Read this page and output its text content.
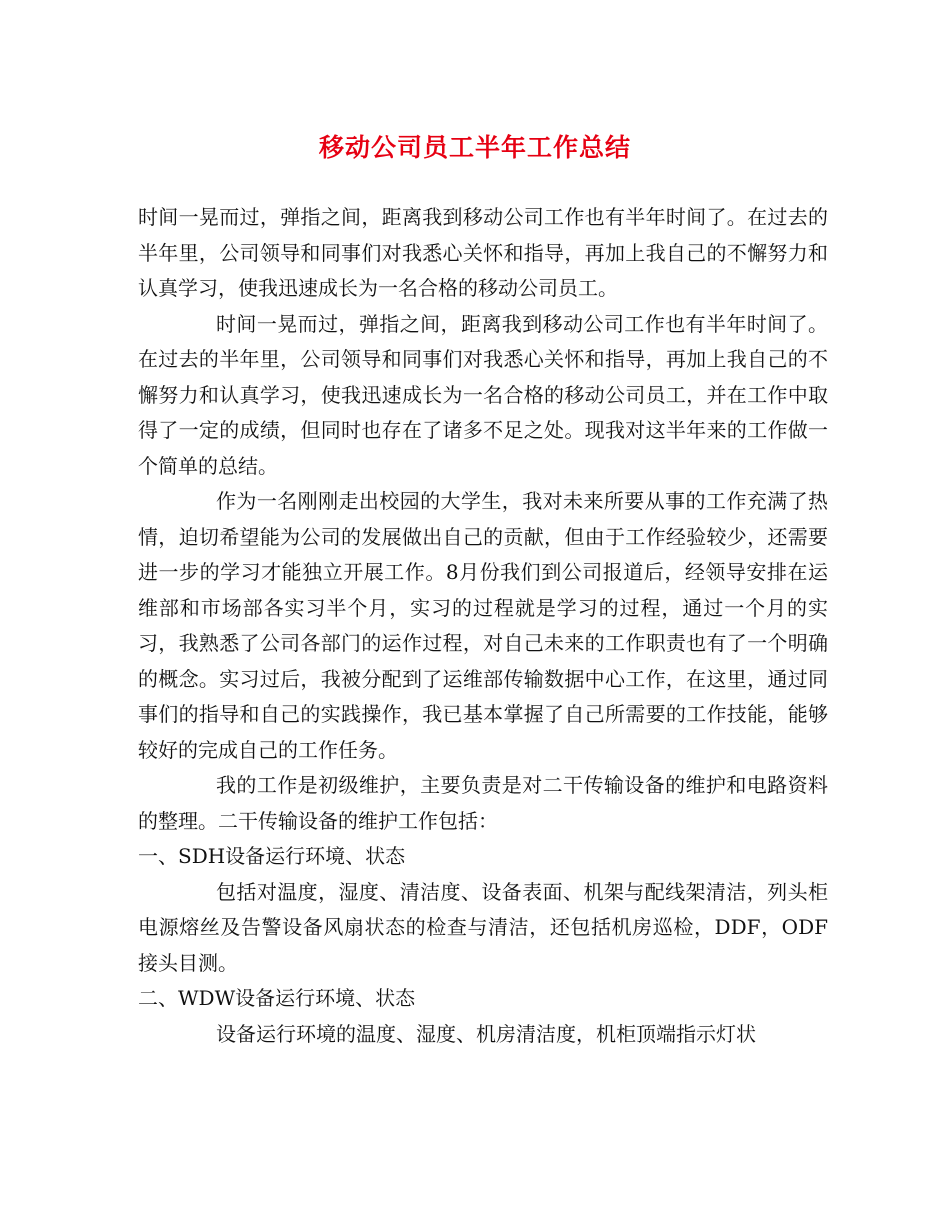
移动公司员工半年工作总结

时间一晃而过，弹指之间，距离我到移动公司工作也有半年时间了。在过去的半年里，公司领导和同事们对我悉心关怀和指导，再加上我自己的不懈努力和认真学习，使我迅速成长为一名合格的移动公司员工。

时间一晃而过，弹指之间，距离我到移动公司工作也有半年时间了。在过去的半年里，公司领导和同事们对我悉心关怀和指导，再加上我自己的不懈努力和认真学习，使我迅速成长为一名合格的移动公司员工，并在工作中取得了一定的成绩，但同时也存在了诸多不足之处。现我对这半年来的工作做一个简单的总结。

作为一名刚刚走出校园的大学生，我对未来所要从事的工作充满了热情，迫切希望能为公司的发展做出自己的贡献，但由于工作经验较少，还需要进一步的学习才能独立开展工作。8月份我们到公司报道后，经领导安排在运维部和市场部各实习半个月，实习的过程就是学习的过程，通过一个月的实习，我熟悉了公司各部门的运作过程，对自己未来的工作职责也有了一个明确的概念。实习过后，我被分配到了运维部传输数据中心工作，在这里，通过同事们的指导和自己的实践操作，我已基本掌握了自己所需要的工作技能，能够较好的完成自己的工作任务。

我的工作是初级维护，主要负责是对二干传输设备的维护和电路资料的整理。二干传输设备的维护工作包括：

一、SDH设备运行环境、状态

包括对温度，湿度、清洁度、设备表面、机架与配线架清洁，列头柜电源熔丝及告警设备风扇状态的检查与清洁，还包括机房巡检，DDF，ODF接头目测。

二、WDW设备运行环境、状态

设备运行环境的温度、湿度、机房清洁度，机柜顶端指示灯状
